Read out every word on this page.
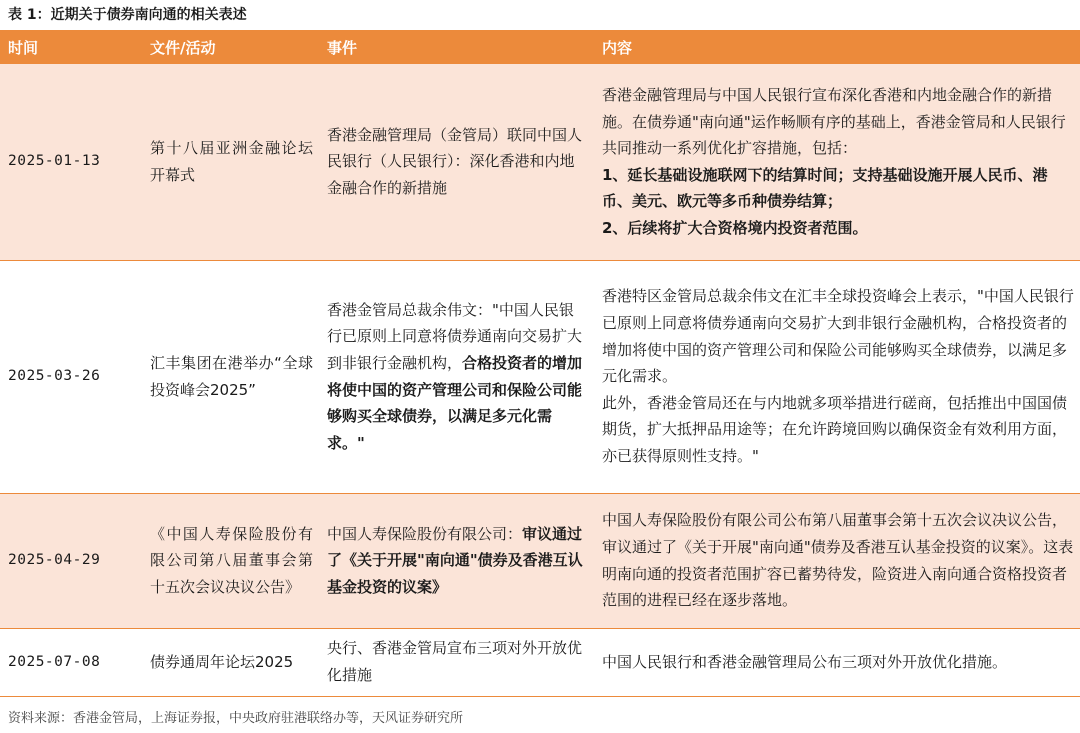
表 1：近期关于债券南向通的相关表述
时间	文件/活动	事件	内容
2025-01-13	第十八届亚洲金融论坛开幕式	香港金融管理局（金管局）联同中国人民银行（人民银行）：深化香港和内地金融合作的新措施	香港金融管理局与中国人民银行宣布深化香港和内地金融合作的新措施。在债券通"南向通"运作畅顺有序的基础上，香港金管局和人民银行共同推动一系列优化扩容措施，包括：
1、延长基础设施联网下的结算时间；支持基础设施开展人民币、港币、美元、欧元等多币种债券结算；
2、后续将扩大合资格境内投资者范围。
2025-03-26	汇丰集团在港举办“全球投资峰会2025”	香港金管局总裁余伟文："中国人民银行已原则上同意将债券通南向交易扩大到非银行金融机构，合格投资者的增加将使中国的资产管理公司和保险公司能够购买全球债券，以满足多元化需求。"	香港特区金管局总裁余伟文在汇丰全球投资峰会上表示，"中国人民银行已原则上同意将债券通南向交易扩大到非银行金融机构，合格投资者的增加将使中国的资产管理公司和保险公司能够购买全球债券，以满足多元化需求。
此外，香港金管局还在与内地就多项举措进行磋商，包括推出中国国债期货，扩大抵押品用途等；在允许跨境回购以确保资金有效利用方面，亦已获得原则性支持。"
2025-04-29	《中国人寿保险股份有限公司第八届董事会第十五次会议决议公告》	中国人寿保险股份有限公司：审议通过了《关于开展"南向通"债券及香港互认基金投资的议案》	中国人寿保险股份有限公司公布第八届董事会第十五次会议决议公告，审议通过了《关于开展"南向通"债券及香港互认基金投资的议案》。这表明南向通的投资者范围扩容已蓄势待发，险资进入南向通合资格投资者范围的进程已经在逐步落地。
2025-07-08	债券通周年论坛2025	央行、香港金管局宣布三项对外开放优化措施	中国人民银行和香港金融管理局公布三项对外开放优化措施。
资料来源：香港金管局，上海证券报，中央政府驻港联络办等，天风证券研究所
